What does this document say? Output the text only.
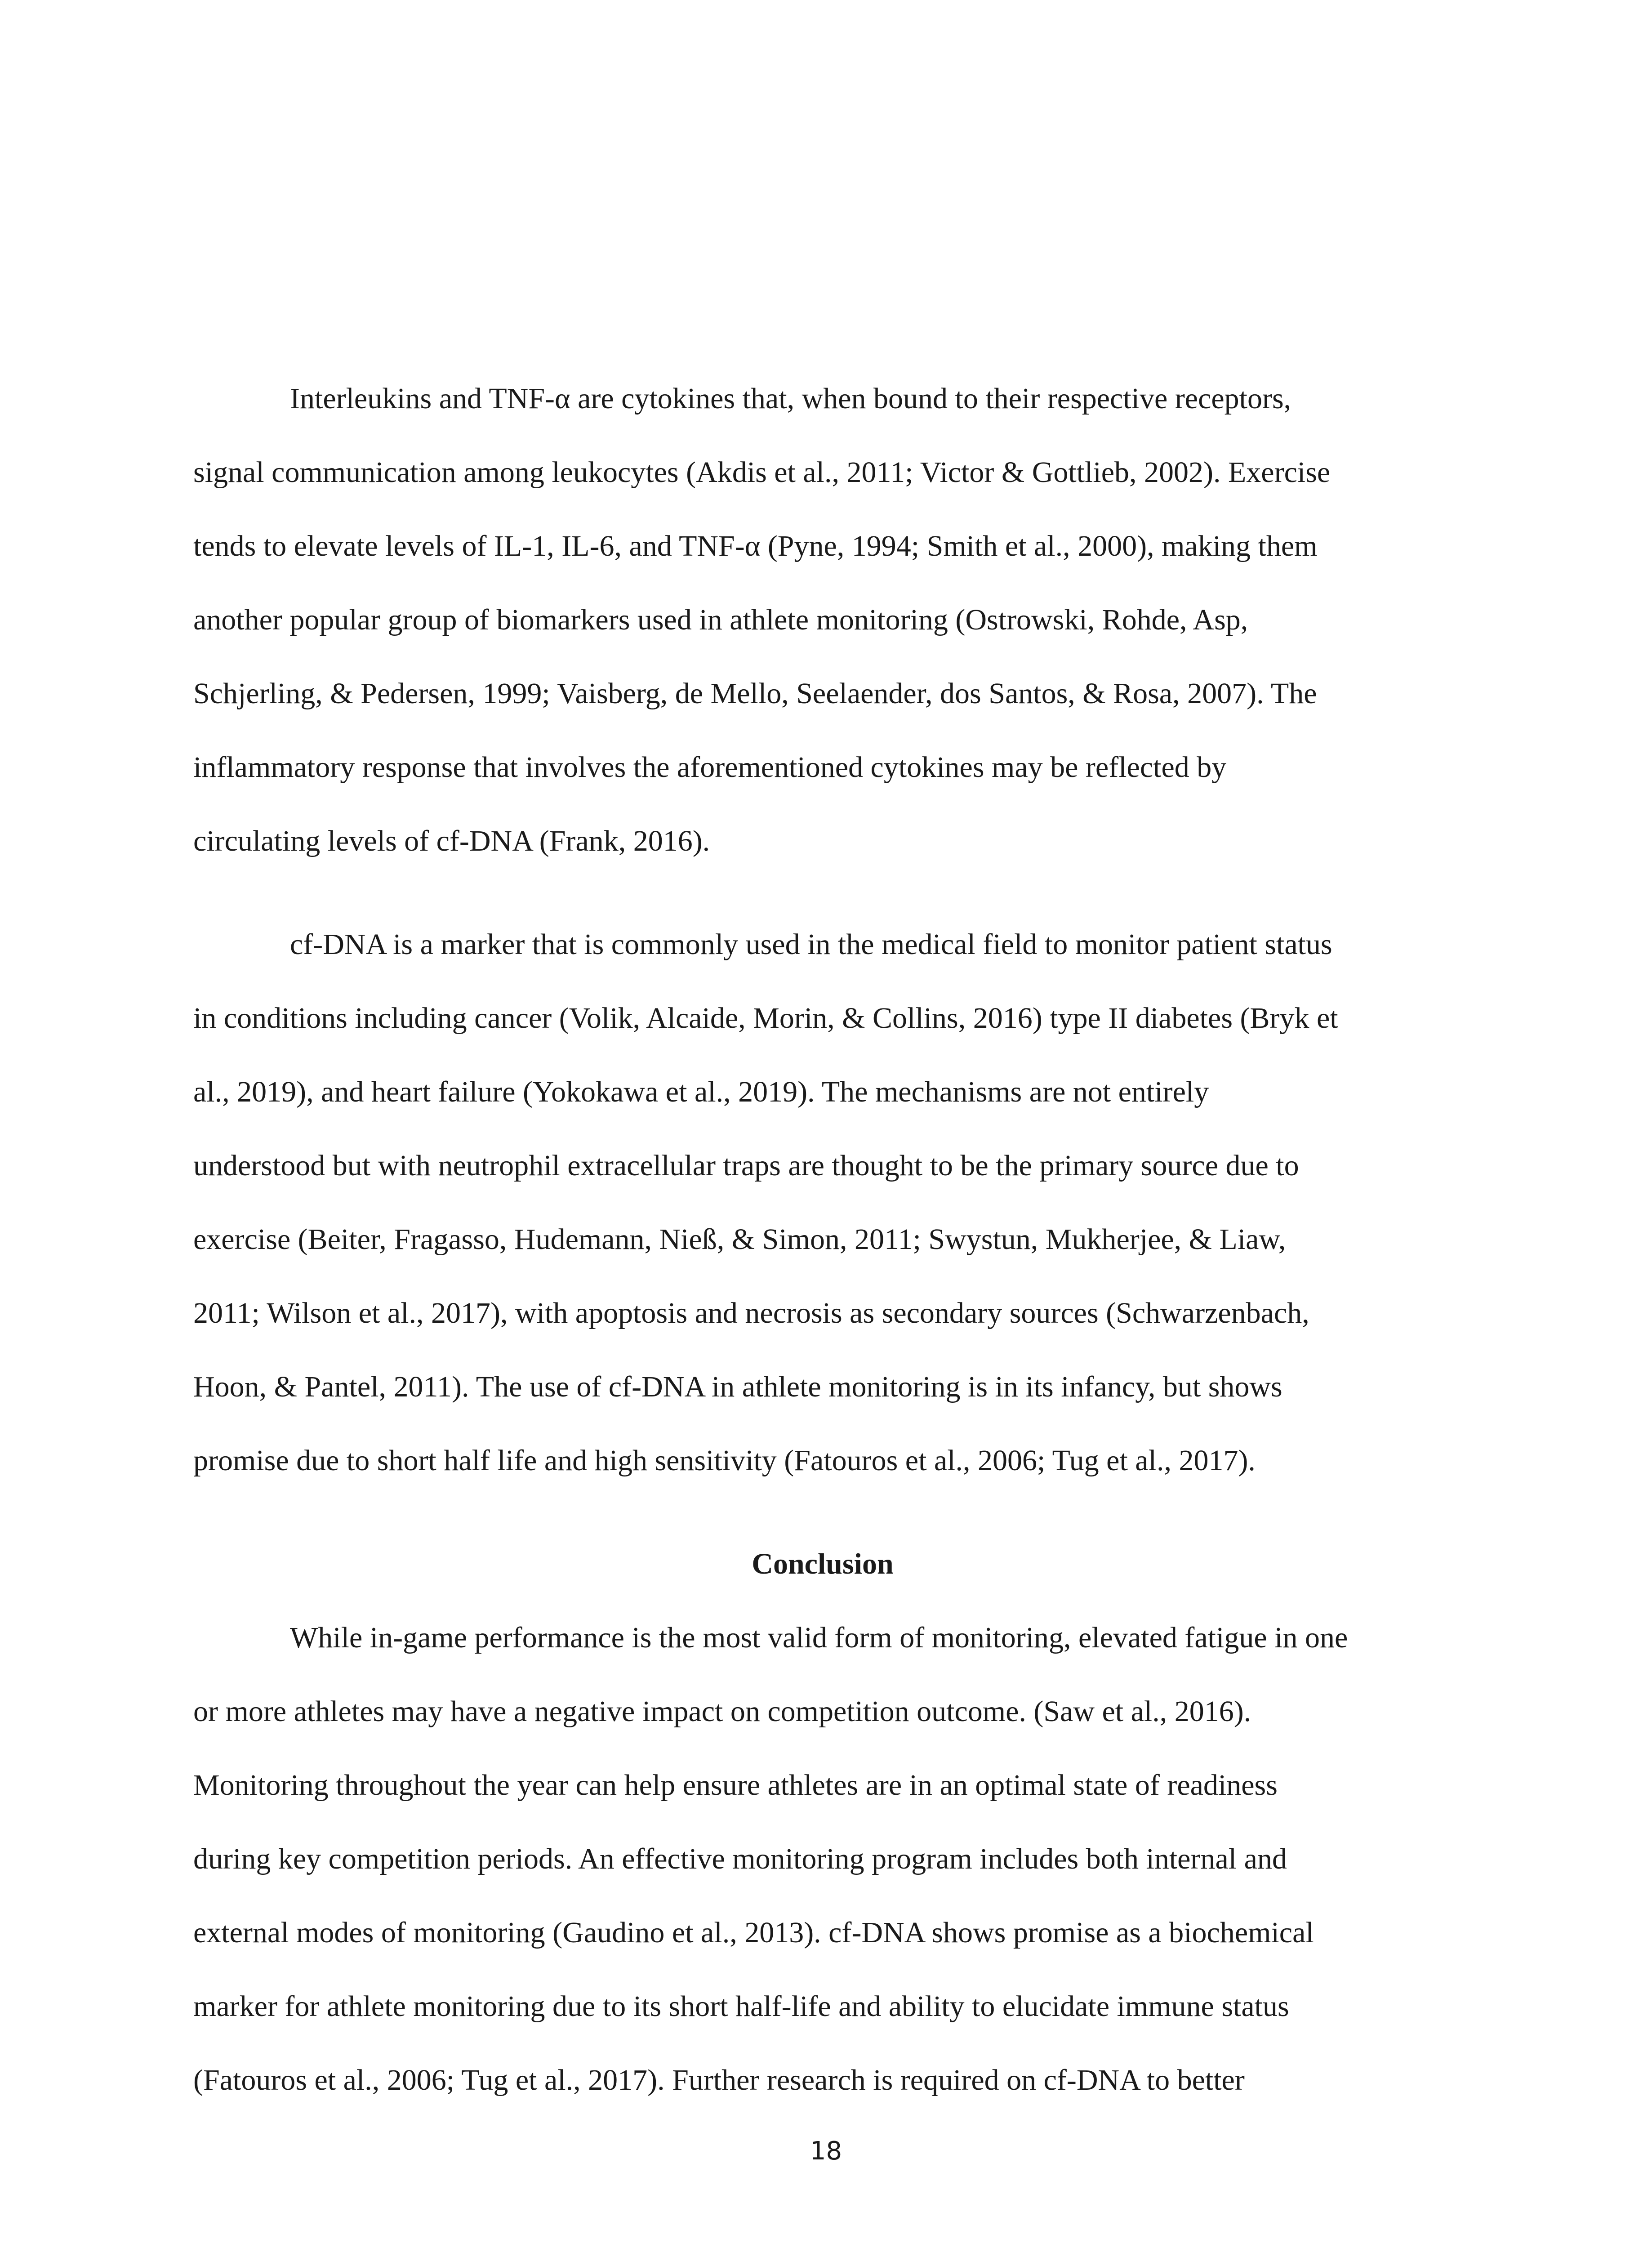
Interleukins and TNF-α are cytokines that, when bound to their respective receptors,
signal communication among leukocytes (Akdis et al., 2011; Victor & Gottlieb, 2002). Exercise
tends to elevate levels of IL-1, IL-6, and TNF-α (Pyne, 1994; Smith et al., 2000), making them
another popular group of biomarkers used in athlete monitoring (Ostrowski, Rohde, Asp,
Schjerling, & Pedersen, 1999; Vaisberg, de Mello, Seelaender, dos Santos, & Rosa, 2007). The
inflammatory response that involves the aforementioned cytokines may be reflected by
circulating levels of cf-DNA (Frank, 2016).
cf-DNA is a marker that is commonly used in the medical field to monitor patient status
in conditions including cancer (Volik, Alcaide, Morin, & Collins, 2016) type II diabetes (Bryk et
al., 2019), and heart failure (Yokokawa et al., 2019). The mechanisms are not entirely
understood but with neutrophil extracellular traps are thought to be the primary source due to
exercise (Beiter, Fragasso, Hudemann, Nieß, & Simon, 2011; Swystun, Mukherjee, & Liaw,
2011; Wilson et al., 2017), with apoptosis and necrosis as secondary sources (Schwarzenbach,
Hoon, & Pantel, 2011). The use of cf-DNA in athlete monitoring is in its infancy, but shows
promise due to short half life and high sensitivity (Fatouros et al., 2006; Tug et al., 2017).
Conclusion
While in-game performance is the most valid form of monitoring, elevated fatigue in one
or more athletes may have a negative impact on competition outcome. (Saw et al., 2016).
Monitoring throughout the year can help ensure athletes are in an optimal state of readiness
during key competition periods. An effective monitoring program includes both internal and
external modes of monitoring (Gaudino et al., 2013). cf-DNA shows promise as a biochemical
marker for athlete monitoring due to its short half-life and ability to elucidate immune status
(Fatouros et al., 2006; Tug et al., 2017). Further research is required on cf-DNA to better
18
